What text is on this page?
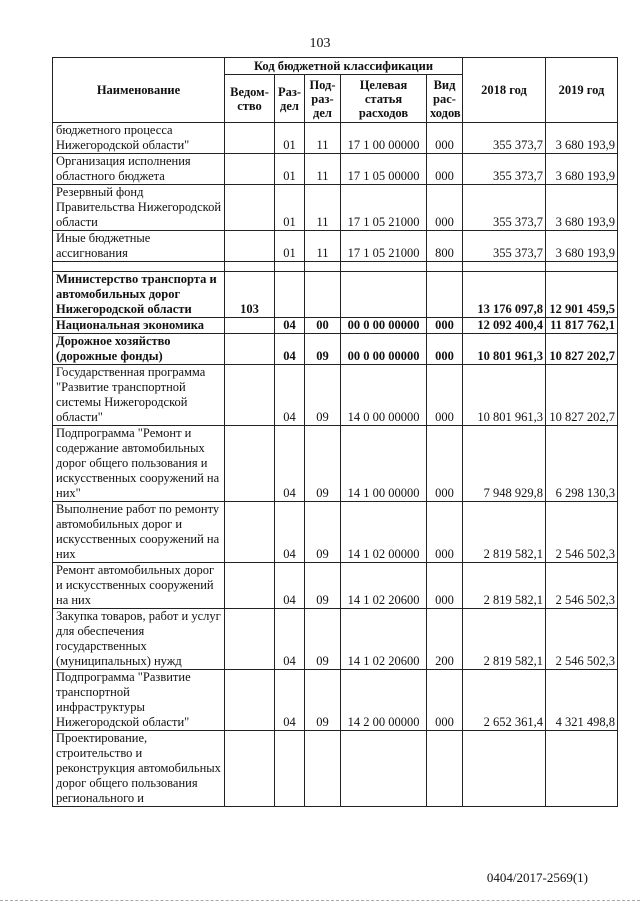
103
Наименование	Код бюджетной классификации					2018 год	2019 год
	Ведом-ство	Раз-дел	Под-раз-дел	Целевая статья расходов	Вид рас-ходов		
бюджетного процесса Нижегородской области"		01	11	17 1 00 00000	000	355 373,7	3 680 193,9
Организация исполнения областного бюджета		01	11	17 1 05 00000	000	355 373,7	3 680 193,9
Резервный фонд Правительства Нижегородской области		01	11	17 1 05 21000	000	355 373,7	3 680 193,9
Иные бюджетные ассигнования		01	11	17 1 05 21000	800	355 373,7	3 680 193,9

Министерство транспорта и автомобильных дорог Нижегородской области	103					13 176 097,8	12 901 459,5
Национальная экономика		04	00	00 0 00 00000	000	12 092 400,4	11 817 762,1
Дорожное хозяйство (дорожные фонды)		04	09	00 0 00 00000	000	10 801 961,3	10 827 202,7
Государственная программа "Развитие транспортной системы Нижегородской области"		04	09	14 0 00 00000	000	10 801 961,3	10 827 202,7
Подпрограмма "Ремонт и содержание автомобильных дорог общего пользования и искусственных сооружений на них"		04	09	14 1 00 00000	000	7 948 929,8	6 298 130,3
Выполнение работ по ремонту автомобильных дорог и искусственных сооружений на них		04	09	14 1 02 00000	000	2 819 582,1	2 546 502,3
Ремонт автомобильных дорог и искусственных сооружений на них		04	09	14 1 02 20600	000	2 819 582,1	2 546 502,3
Закупка товаров, работ и услуг для обеспечения государственных (муниципальных) нужд		04	09	14 1 02 20600	200	2 819 582,1	2 546 502,3
Подпрограмма "Развитие транспортной инфраструктуры Нижегородской области"		04	09	14 2 00 00000	000	2 652 361,4	4 321 498,8
Проектирование, строительство и реконструкция автомобильных дорог общего пользования регионального и							
0404/2017-2569(1)
